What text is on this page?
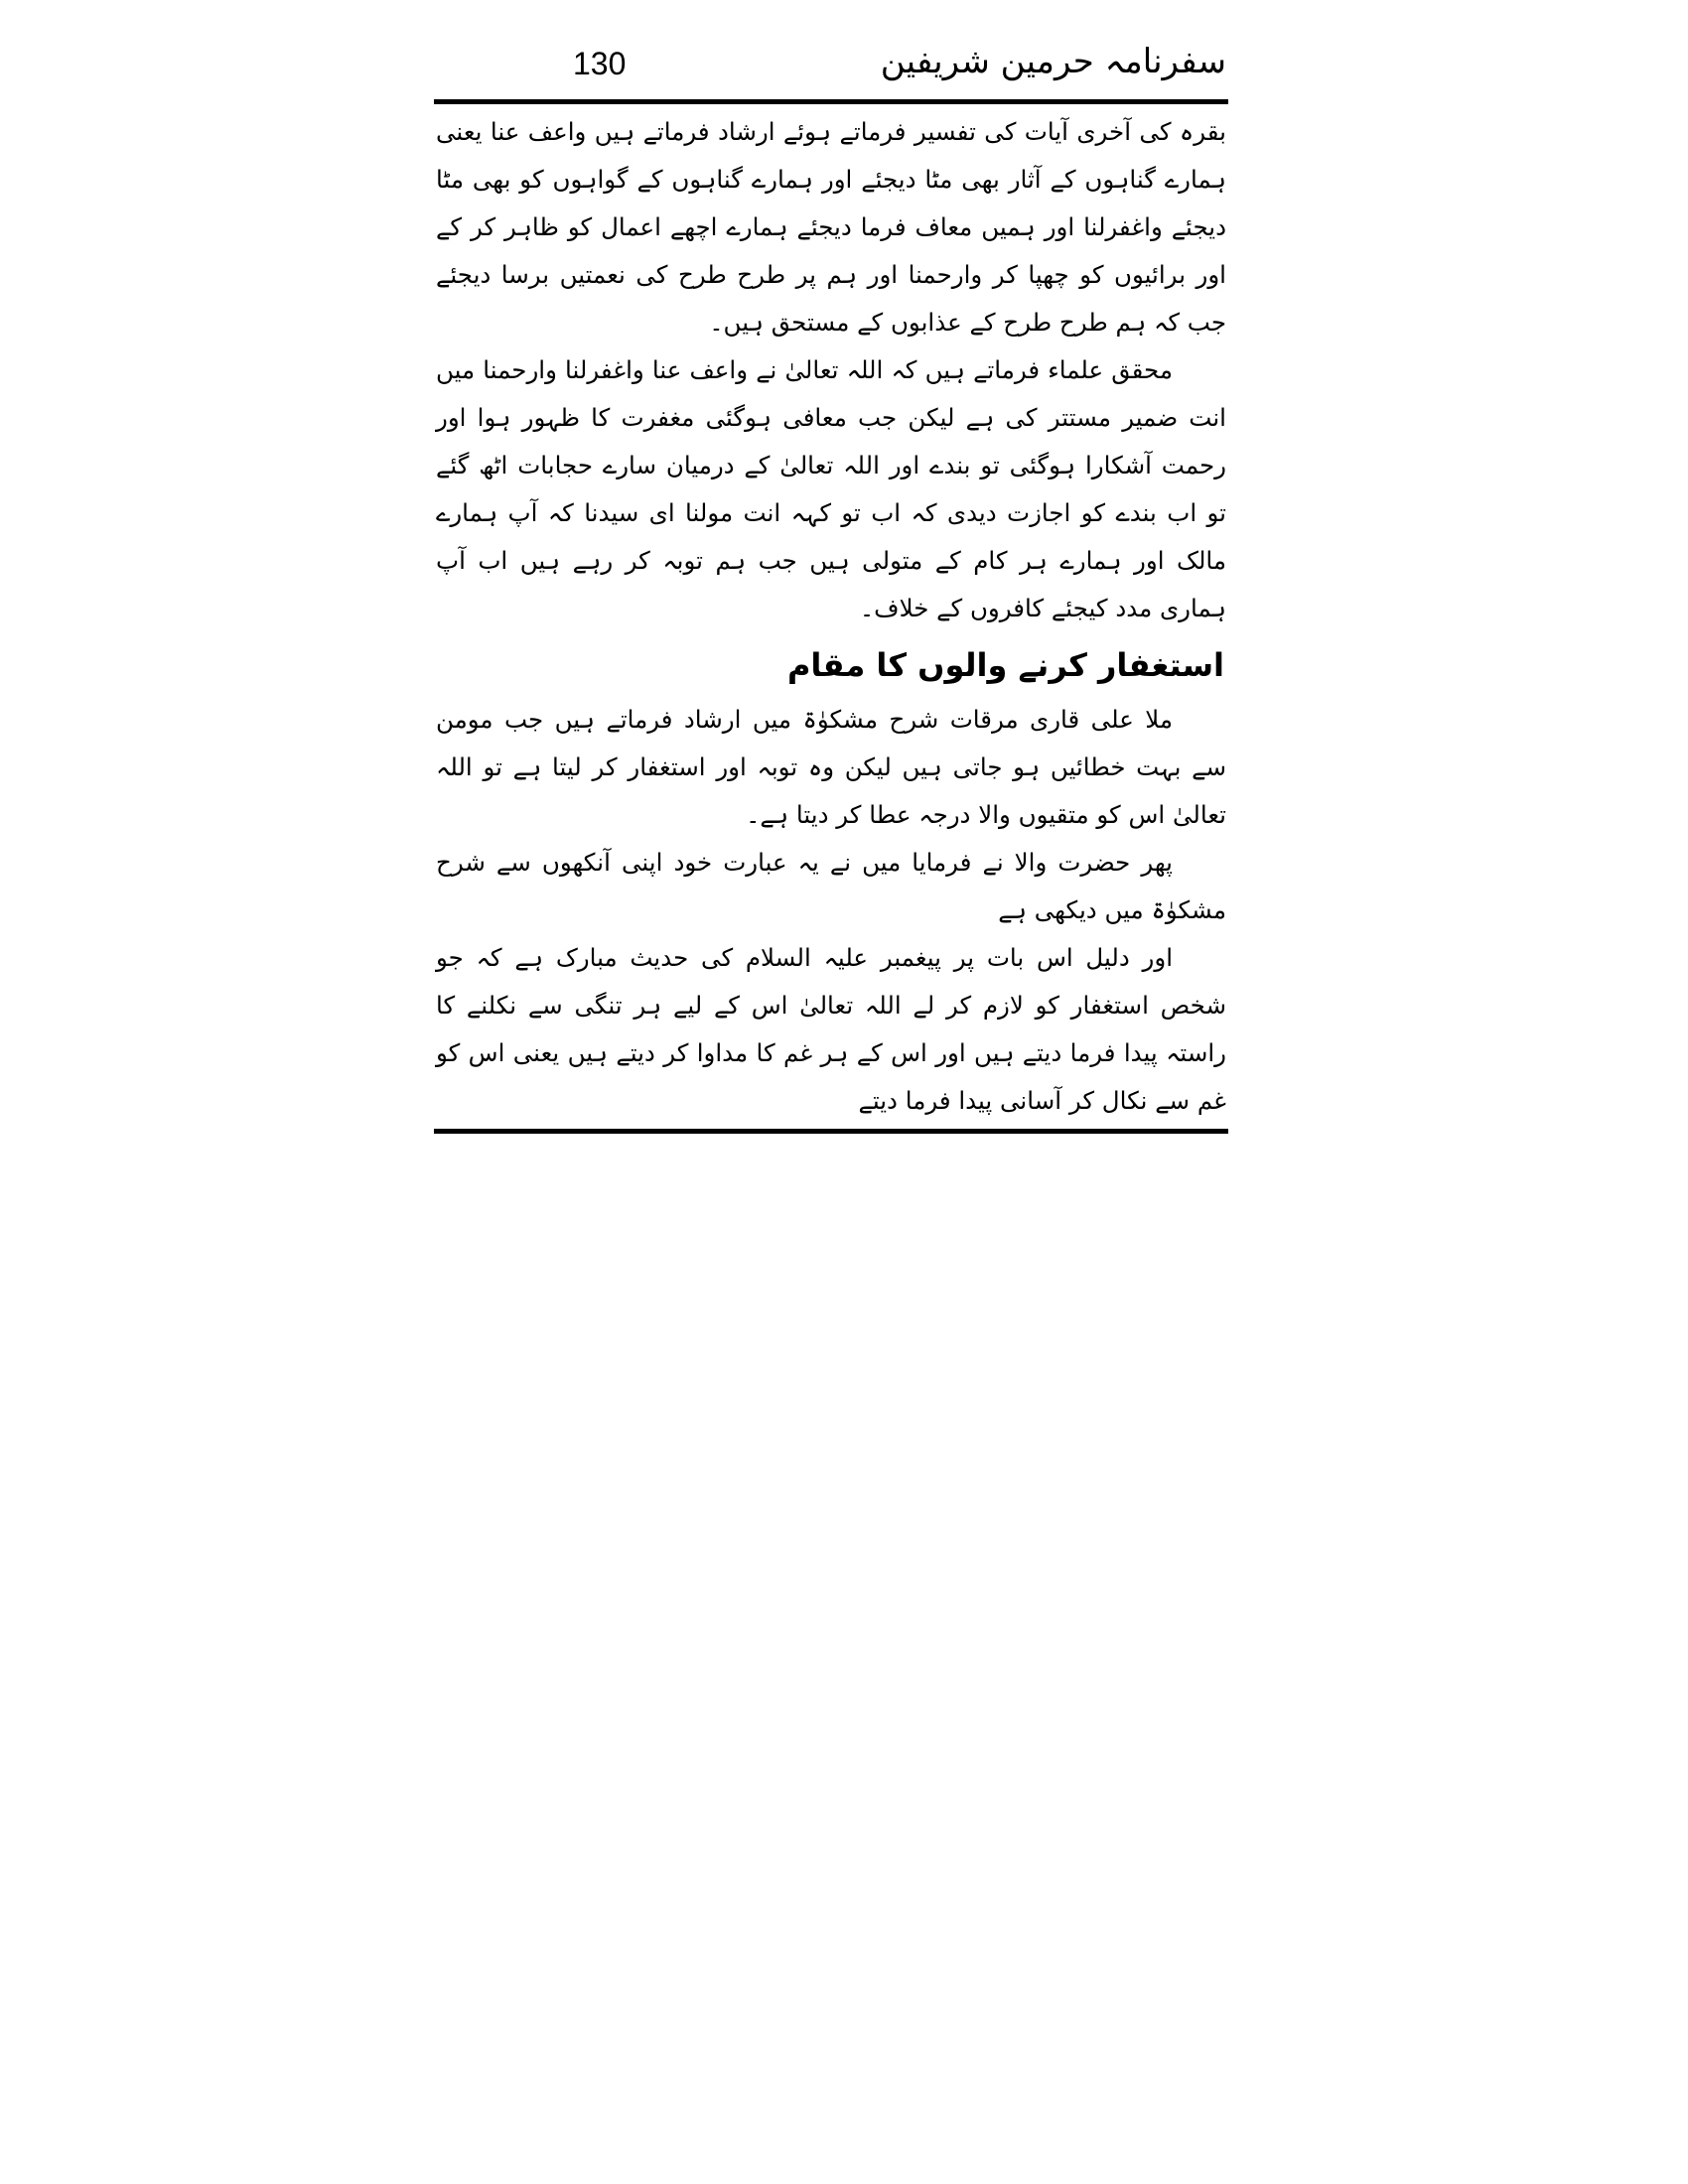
130	سفرنامہ حرمین شریفین

بقرہ کی آخری آیات کی تفسیر فرماتے ہوئے ارشاد فرماتے ہیں واعف عنا یعنی ہمارے گناہوں کے آثار بھی مٹا دیجئے اور ہمارے گناہوں کے گواہوں کو بھی مٹا دیجئے واغفرلنا اور ہمیں معاف فرما دیجئے ہمارے اچھے اعمال کو ظاہر کر کے اور برائیوں کو چھپا کر وارحمنا اور ہم پر طرح طرح کی نعمتیں برسا دیجئے جب کہ ہم طرح طرح کے عذابوں کے مستحق ہیں۔

محقق علماء فرماتے ہیں کہ اللہ تعالیٰ نے واعف عنا واغفرلنا وارحمنا میں انت ضمیر مستتر کی ہے لیکن جب معافی ہوگئی مغفرت کا ظہور ہوا اور رحمت آشکارا ہوگئی تو بندے اور اللہ تعالیٰ کے درمیان سارے حجابات اٹھ گئے تو اب بندے کو اجازت دیدی کہ اب تو کہہ انت مولنا ای سیدنا کہ آپ ہمارے مالک اور ہمارے ہر کام کے متولی ہیں جب ہم توبہ کر رہے ہیں اب آپ ہماری مدد کیجئے کافروں کے خلاف۔

استغفار کرنے والوں کا مقام

ملا علی قاری مرقات شرح مشکوٰۃ میں ارشاد فرماتے ہیں جب مومن سے بہت خطائیں ہو جاتی ہیں لیکن وہ توبہ اور استغفار کر لیتا ہے تو اللہ تعالیٰ اس کو متقیوں والا درجہ عطا کر دیتا ہے۔

پھر حضرت والا نے فرمایا میں نے یہ عبارت خود اپنی آنکھوں سے شرح مشکوٰۃ میں دیکھی ہے

اور دلیل اس بات پر پیغمبر علیہ السلام کی حدیث مبارک ہے کہ جو شخص استغفار کو لازم کر لے اللہ تعالیٰ اس کے لیے ہر تنگی سے نکلنے کا راستہ پیدا فرما دیتے ہیں اور اس کے ہر غم کا مداوا کر دیتے ہیں یعنی اس کو غم سے نکال کر آسانی پیدا فرما دیتے
